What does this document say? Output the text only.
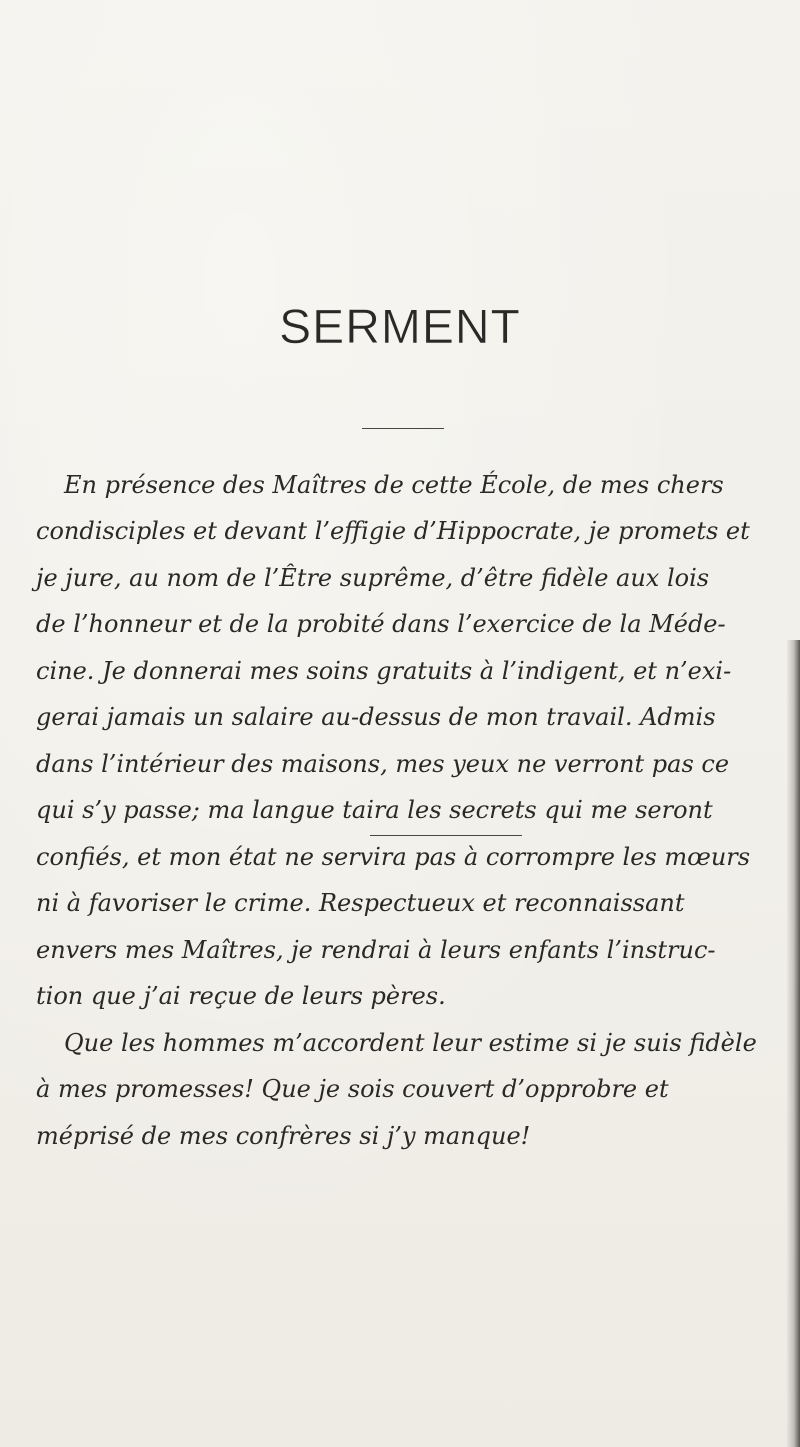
SERMENT
En présence des Maîtres de cette École, de mes chers
condisciples et devant l’effigie d’Hippocrate, je promets et
je jure, au nom de l’Être suprême, d’être fidèle aux lois
de l’honneur et de la probité dans l’exercice de la Méde-
cine. Je donnerai mes soins gratuits à l’indigent, et n’exi-
gerai jamais un salaire au-dessus de mon travail. Admis
dans l’intérieur des maisons, mes yeux ne verront pas ce
qui s’y passe; ma langue taira les secrets qui me seront
confiés, et mon état ne servira pas à corrompre les mœurs
ni à favoriser le crime. Respectueux et reconnaissant
envers mes Maîtres, je rendrai à leurs enfants l’instruc-
tion que j’ai reçue de leurs pères.
Que les hommes m’accordent leur estime si je suis fidèle
à mes promesses! Que je sois couvert d’opprobre et
méprisé de mes confrères si j’y manque!
